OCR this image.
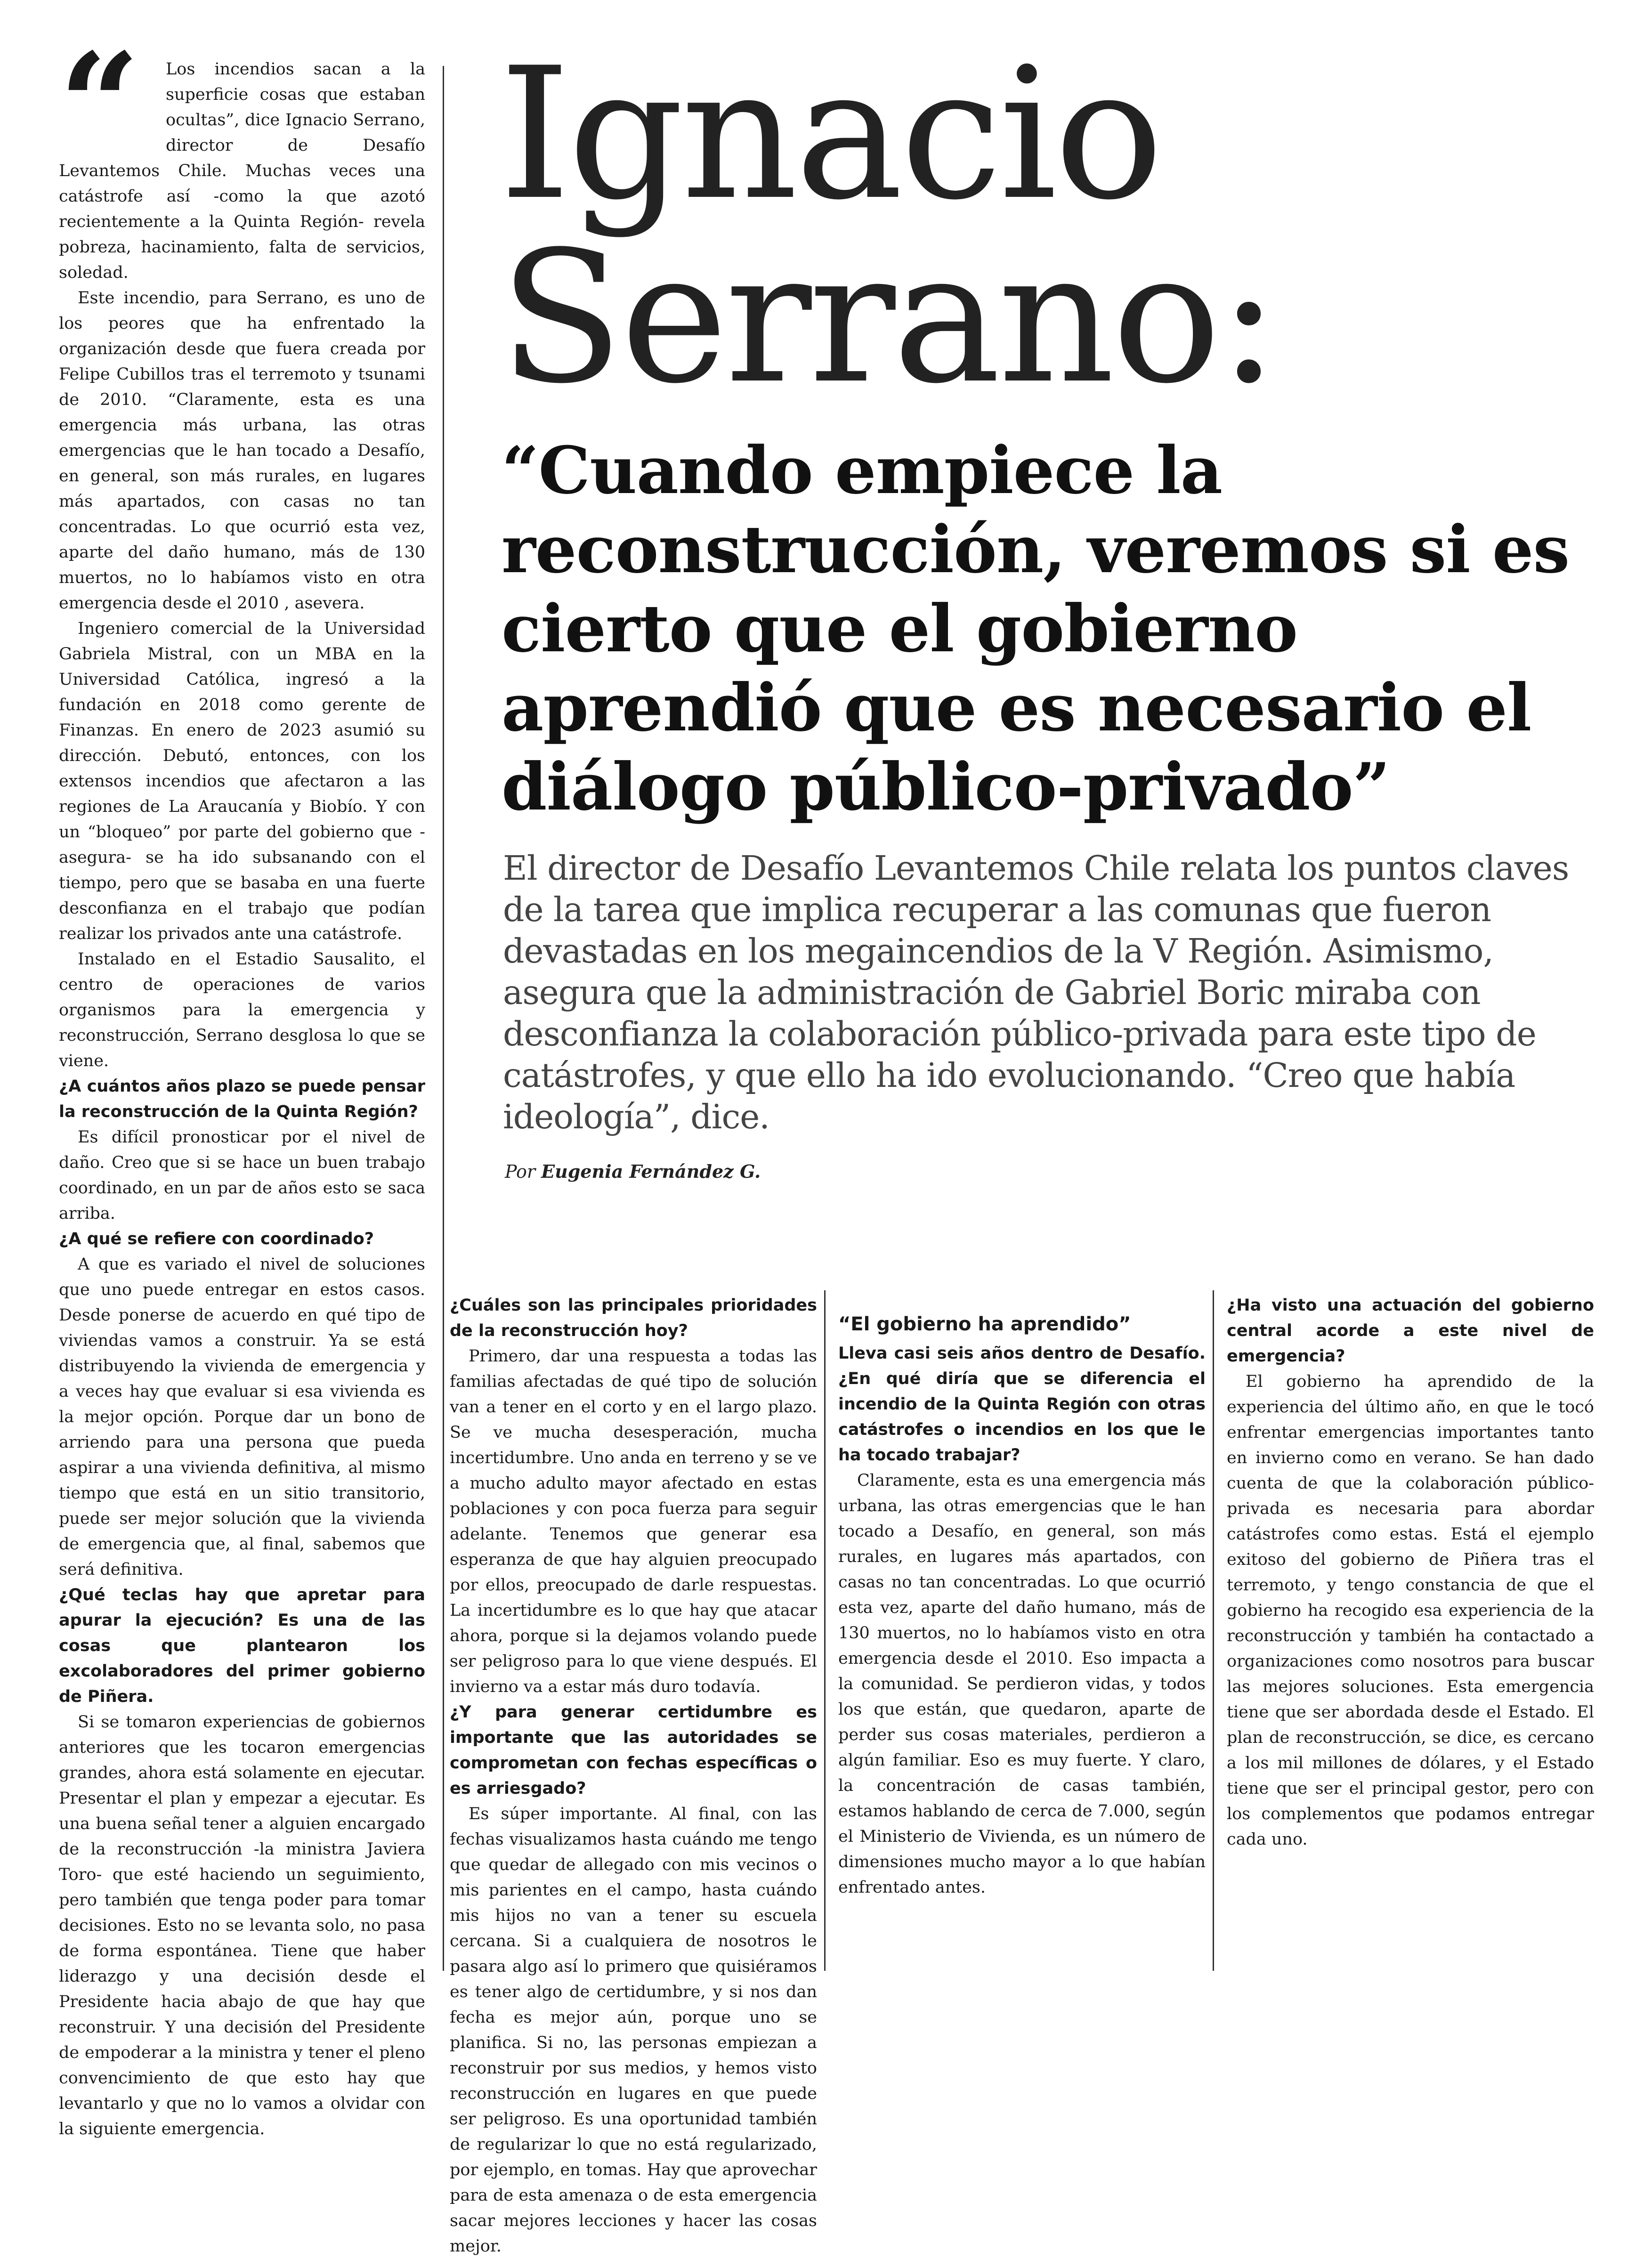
“	Los incendios sacan a la superficie cosas que estaban ocultas”, dice Ignacio Serrano, director de Desafío Levantemos Chile. Muchas veces una catástrofe así -como la que azotó recientemente a la Quinta Región- revela pobreza, hacinamiento, falta de servicios, soledad.

Este incendio, para Serrano, es uno de los peores que ha enfrentado la organización desde que fuera creada por Felipe Cubillos tras el terremoto y tsunami de 2010. “Claramente, esta es una emergencia más urbana, las otras emergencias que le han tocado a Desafío, en general, son más rurales, en lugares más apartados, con casas no tan concentradas. Lo que ocurrió esta vez, aparte del daño humano, más de 130 muertos, no lo habíamos visto en otra emergencia desde el 2010 , asevera.

Ingeniero comercial de la Universidad Gabriela Mistral, con un MBA en la Universidad Católica, ingresó a la fundación en 2018 como gerente de Finanzas. En enero de 2023 asumió su dirección. Debutó, entonces, con los extensos incendios que afectaron a las regiones de La Araucanía y Biobío. Y con un “bloqueo” por parte del gobierno que -asegura- se ha ido subsanando con el tiempo, pero que se basaba en una fuerte desconfianza en el trabajo que podían realizar los privados ante una catástrofe.

Instalado en el Estadio Sausalito, el centro de operaciones de varios organismos para la emergencia y reconstrucción, Serrano desglosa lo que se viene.

¿A cuántos años plazo se puede pensar la reconstrucción de la Quinta Región?

Es difícil pronosticar por el nivel de daño. Creo que si se hace un buen trabajo coordinado, en un par de años esto se saca arriba.

¿A qué se refiere con coordinado?

A que es variado el nivel de soluciones que uno puede entregar en estos casos. Desde ponerse de acuerdo en qué tipo de viviendas vamos a construir. Ya se está distribuyendo la vivienda de emergencia y a veces hay que evaluar si esa vivienda es la mejor opción. Porque dar un bono de arriendo para una persona que pueda aspirar a una vivienda definitiva, al mismo tiempo que está en un sitio transitorio, puede ser mejor solución que la vivienda de emergencia que, al final, sabemos que será definitiva.

¿Qué teclas hay que apretar para apurar la ejecución? Es una de las cosas que plantearon los excolaboradores del primer gobierno de Piñera.

Si se tomaron experiencias de gobiernos anteriores que les tocaron emergencias grandes, ahora está solamente en ejecutar. Presentar el plan y empezar a ejecutar. Es una buena señal tener a alguien encargado de la reconstrucción -la ministra Javiera Toro- que esté haciendo un seguimiento, pero también que tenga poder para tomar decisiones. Esto no se levanta solo, no pasa de forma espontánea. Tiene que haber liderazgo y una decisión desde el Presidente hacia abajo de que hay que reconstruir. Y una decisión del Presidente de empoderar a la ministra y tener el pleno convencimiento de que esto hay que levantarlo y que no lo vamos a olvidar con la siguiente emergencia.

Ignacio
Serrano:
“Cuando empiece la reconstrucción, veremos si es cierto que el gobierno aprendió que es necesario el diálogo público-privado”

El director de Desafío Levantemos Chile relata los puntos claves de la tarea que implica recuperar a las comunas que fueron devastadas en los megaincendios de la V Región. Asimismo, asegura que la administración de Gabriel Boric miraba con desconfianza la colaboración público-privada para este tipo de catástrofes, y que ello ha ido evolucionando. “Creo que había ideología”, dice.

Por Eugenia Fernández G.

¿Cuáles son las principales prioridades de la reconstrucción hoy?

Primero, dar una respuesta a todas las familias afectadas de qué tipo de solución van a tener en el corto y en el largo plazo. Se ve mucha desesperación, mucha incertidumbre. Uno anda en terreno y se ve a mucho adulto mayor afectado en estas poblaciones y con poca fuerza para seguir adelante. Tenemos que generar esa esperanza de que hay alguien preocupado por ellos, preocupado de darle respuestas. La incertidumbre es lo que hay que atacar ahora, porque si la dejamos volando puede ser peligroso para lo que viene después. El invierno va a estar más duro todavía.

¿Y para generar certidumbre es importante que las autoridades se comprometan con fechas específicas o es arriesgado?

Es súper importante. Al final, con las fechas visualizamos hasta cuándo me tengo que quedar de allegado con mis vecinos o mis parientes en el campo, hasta cuándo mis hijos no van a tener su escuela cercana. Si a cualquiera de nosotros le pasara algo así lo primero que quisiéramos es tener algo de certidumbre, y si nos dan fecha es mejor aún, porque uno se planifica. Si no, las personas empiezan a reconstruir por sus medios, y hemos visto reconstrucción en lugares en que puede ser peligroso. Es una oportunidad también de regularizar lo que no está regularizado, por ejemplo, en tomas. Hay que aprovechar para de esta amenaza o de esta emergencia sacar mejores lecciones y hacer las cosas mejor.

“El gobierno ha aprendido”

Lleva casi seis años dentro de Desafío. ¿En qué diría que se diferencia el incendio de la Quinta Región con otras catástrofes o incendios en los que le ha tocado trabajar?

Claramente, esta es una emergencia más urbana, las otras emergencias que le han tocado a Desafío, en general, son más rurales, en lugares más apartados, con casas no tan concentradas. Lo que ocurrió esta vez, aparte del daño humano, más de 130 muertos, no lo habíamos visto en otra emergencia desde el 2010. Eso impacta a la comunidad. Se perdieron vidas, y todos los que están, que quedaron, aparte de perder sus cosas materiales, perdieron a algún familiar. Eso es muy fuerte. Y claro, la concentración de casas también, estamos hablando de cerca de 7.000, según el Ministerio de Vivienda, es un número de dimensiones mucho mayor a lo que habían enfrentado antes.

¿Ha visto una actuación del gobierno central acorde a este nivel de emergencia?

El gobierno ha aprendido de la experiencia del último año, en que le tocó enfrentar emergencias importantes tanto en invierno como en verano. Se han dado cuenta de que la colaboración público-privada es necesaria para abordar catástrofes como estas. Está el ejemplo exitoso del gobierno de Piñera tras el terremoto, y tengo constancia de que el gobierno ha recogido esa experiencia de la reconstrucción y también ha contactado a organizaciones como nosotros para buscar las mejores soluciones. Esta emergencia tiene que ser abordada desde el Estado. El plan de reconstrucción, se dice, es cercano a los mil millones de dólares, y el Estado tiene que ser el principal gestor, pero con los complementos que podamos entregar cada uno.
